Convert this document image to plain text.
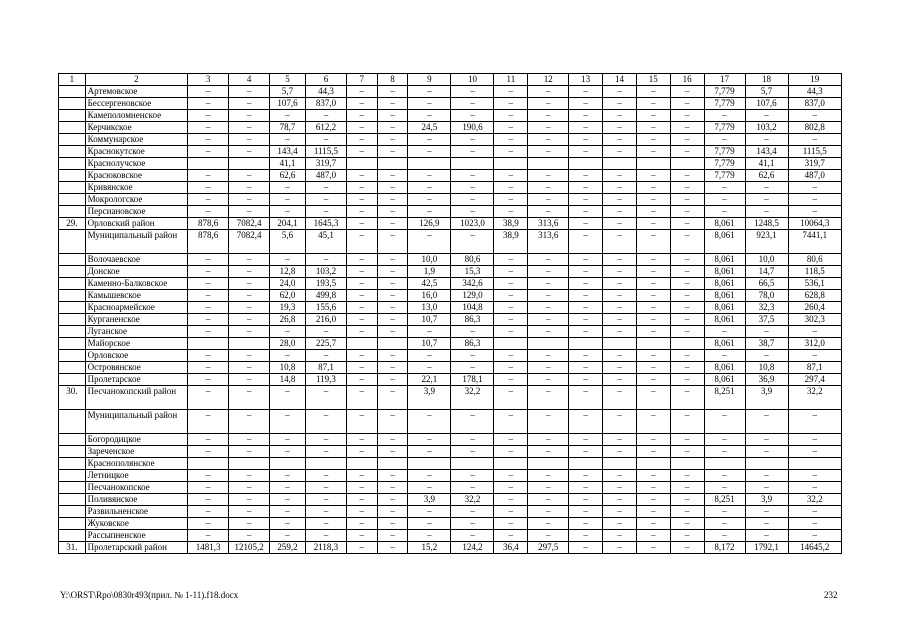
1	2	3	4	5	6	7	8	9	10	11	12	13	14	15	16	17	18	19
	Артемовское	–	–	5,7	44,3	–	–	–	–	–	–	–	–	–	–	7,779	5,7	44,3
	Бессергеновское	–	–	107,6	837,0	–	–	–	–	–	–	–	–	–	–	7,779	107,6	837,0
	Камеполомненское	–	–	–	–	–	–	–	–	–	–	–	–	–	–	–	–	–
	Керчикское	–	–	78,7	612,2	–	–	24,5	190,6	–	–	–	–	–	–	7,779	103,2	802,8
	Коммунарское	–	–	–	–	–	–	–	–	–	–	–	–	–	–	–	–	–
	Краснокутское	–	–	143,4	1115,5	–	–	–	–	–	–	–	–	–	–	7,779	143,4	1115,5
	Краснолучское			41,1	319,7											7,779	41,1	319,7
	Красюковское	–	–	62,6	487,0	–	–	–	–	–	–	–	–	–	–	7,779	62,6	487,0
	Кривянское	–	–	–	–	–	–	–	–	–	–	–	–	–	–	–	–	–
	Мокрологское	–	–	–	–	–	–	–	–	–	–	–	–	–	–	–	–	–
	Персиановское	–	–	–	–	–	–	–	–	–	–	–	–	–	–	–	–	–
29.	Орловский район	878,6	7082,4	204,1	1645,3	–	–	126,9	1023,0	38,9	313,6	–	–	–	–	8,061	1248,5	10064,3
	Муниципальный район	878,6	7082,4	5,6	45,1	–	–	–	–	38,9	313,6	–	–	–	–	8,061	923,1	7441,1
	Волочаевское	–	–	–	–	–	–	10,0	80,6	–	–	–	–	–	–	8,061	10,0	80,6
	Донское	–	–	12,8	103,2	–	–	1,9	15,3	–	–	–	–	–	–	8,061	14,7	118,5
	Каменно-Балковское	–	–	24,0	193,5	–	–	42,5	342,6	–	–	–	–	–	–	8,061	66,5	536,1
	Камышевское	–	–	62,0	499,8	–	–	16,0	129,0	–	–	–	–	–	–	8,061	78,0	628,8
	Красноармейское	–	–	19,3	155,6	–	–	13,0	104,8	–	–	–	–	–	–	8,061	32,3	260,4
	Курганенское	–	–	26,8	216,0	–	–	10,7	86,3	–	–	–	–	–	–	8,061	37,5	302,3
	Луганское	–	–	–	–	–	–	–	–	–	–	–	–	–	–	–	–	–
	Майорское			28,0	225,7			10,7	86,3							8,061	38,7	312,0
	Орловское	–	–	–	–	–	–	–	–	–	–	–	–	–	–	–	–	–
	Островянское	–	–	10,8	87,1	–	–	–	–	–	–	–	–	–	–	8,061	10,8	87,1
	Пролетарское	–	–	14,8	119,3	–	–	22,1	178,1	–	–	–	–	–	–	8,061	36,9	297,4
30.	Песчанокопский район	–	–	–	–	–	–	3,9	32,2	–	–	–	–	–	–	8,251	3,9	32,2
	Муниципальный район	–	–	–	–	–	–	–	–	–	–	–	–	–	–	–	–	–
	Богородицкое	–	–	–	–	–	–	–	–	–	–	–	–	–	–	–	–	–
	Зареченское	–	–	–	–	–	–	–	–	–	–	–	–	–	–	–	–	–
	Краснополянское																	
	Летницкое	–	–	–	–	–	–	–	–	–	–	–	–	–	–	–	–	–
	Песчанокопское	–	–	–	–	–	–	–	–	–	–	–	–	–	–	–	–	–
	Поливянское	–	–	–	–	–	–	3,9	32,2	–	–	–	–	–	–	8,251	3,9	32,2
	Развильненское	–	–	–	–	–	–	–	–	–	–	–	–	–	–	–	–	–
	Жуковское	–	–	–	–	–	–	–	–	–	–	–	–	–	–	–	–	–
	Рассыпненское	–	–	–	–	–	–	–	–	–	–	–	–	–	–	–	–	–
31.	Пролетарский район	1481,3	12105,2	259,2	2118,3	–	–	15,2	124,2	36,4	297,5	–	–	–	–	8,172	1792,1	14645,2
Y:\ORST\Rpo\0830r493(прил. № 1-11).f18.docx	232
